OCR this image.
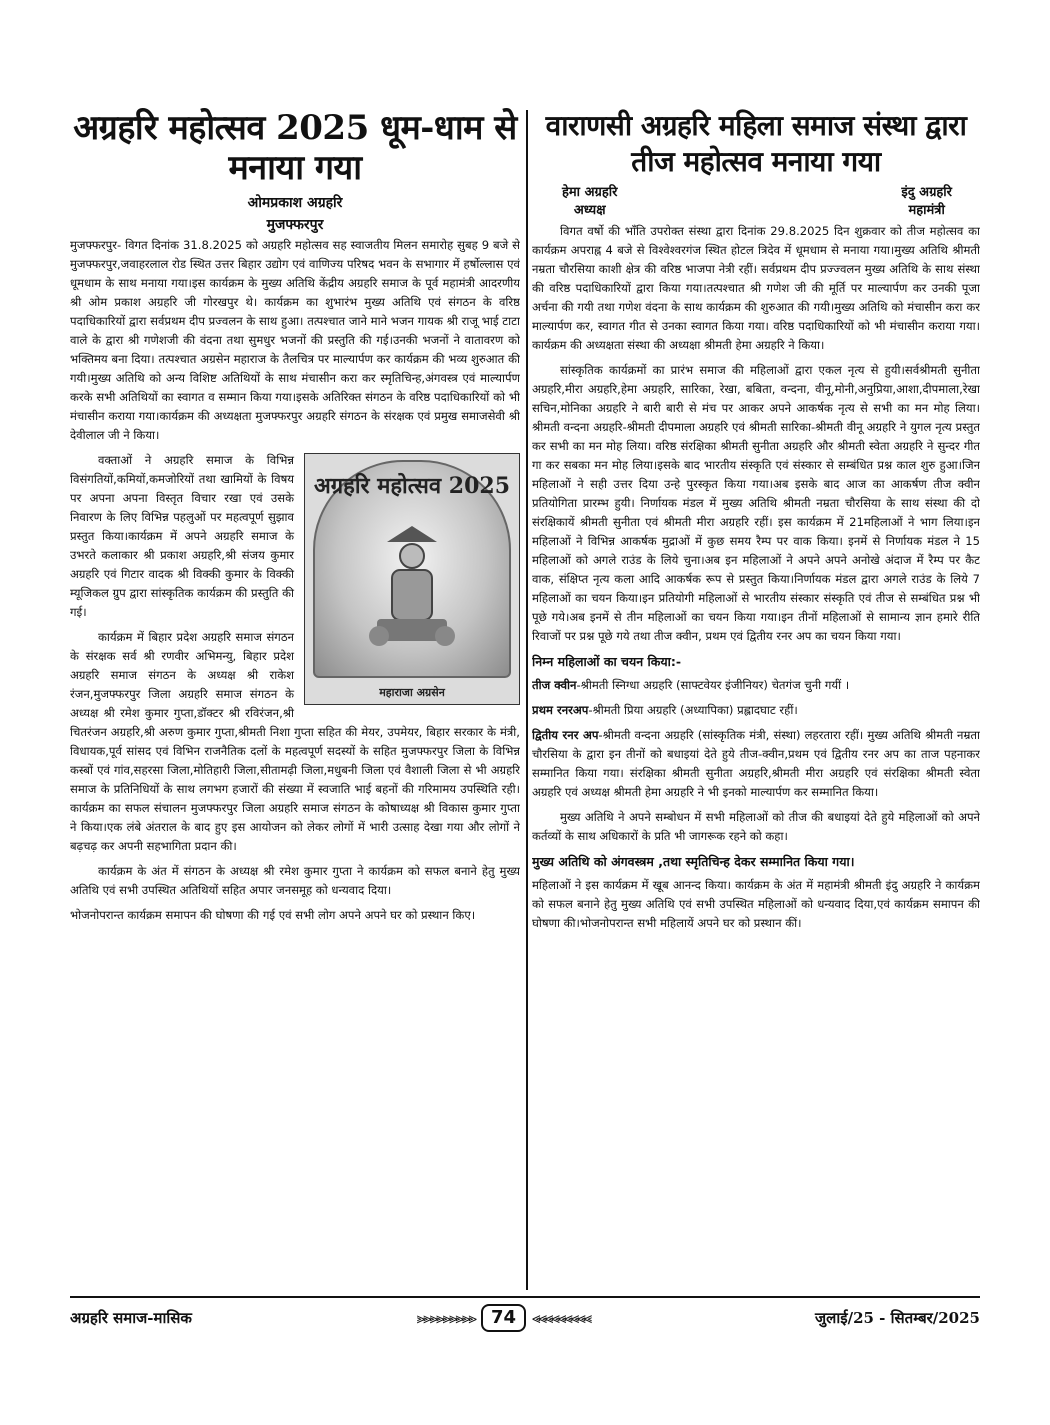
अग्रहरि महोत्सव 2025 धूम-धाम से मनाया गया
ओमप्रकाश अग्रहरि
मुजफ्फरपुर

मुजफ्फरपुर- विगत दिनांक 31.8.2025 को अग्रहरि महोत्सव सह स्वाजतीय मिलन समारोह सुबह 9 बजे से मुजफ्फरपुर,जवाहरलाल रोड स्थित उत्तर बिहार उद्योग एवं वाणिज्य परिषद भवन के सभागार में हर्षोल्लास एवं धूमधाम के साथ मनाया गया।इस कार्यक्रम के मुख्य अतिथि केंद्रीय अग्रहरि समाज के पूर्व महामंत्री आदरणीय श्री ओम प्रकाश अग्रहरि जी गोरखपुर थे। कार्यक्रम का शुभारंभ मुख्य अतिथि एवं संगठन के वरिष्ठ पदाधिकारियों द्वारा सर्वप्रथम दीप प्रज्वलन के साथ हुआ। तत्पश्चात जाने माने भजन गायक श्री राजू भाई टाटा वाले के द्वारा श्री गणेशजी की वंदना तथा सुमधुर भजनों की प्रस्तुति की गई।उनकी भजनों ने वातावरण को भक्तिमय बना दिया। तत्पश्चात अग्रसेन महाराज के तैलचित्र पर माल्यार्पण कर कार्यक्रम की भव्य शुरुआत की गयी।मुख्य अतिथि को अन्य विशिष्ट अतिथियों के साथ मंचासीन करा कर स्मृतिचिन्ह,अंगवस्त्र एवं माल्यार्पण करके सभी अतिथियों का स्वागत व सम्मान किया गया।इसके अतिरिक्त संगठन के वरिष्ठ पदाधिकारियों को भी मंचासीन कराया गया।कार्यक्रम की अध्यक्षता मुजफ्फरपुर अग्रहरि संगठन के संरक्षक एवं प्रमुख समाजसेवी श्री देवीलाल जी ने किया।

अग्रहरि महोत्सव 2025
महाराजा अग्रसेन

वक्ताओं ने अग्रहरि समाज के विभिन्न विसंगतियों,कमियों,कमजोरियों तथा खामियों के विषय पर अपना अपना विस्तृत विचार रखा एवं उसके निवारण के लिए विभिन्न पहलुओं पर महत्वपूर्ण सुझाव प्रस्तुत किया।कार्यक्रम में अपने अग्रहरि समाज के उभरते कलाकार श्री प्रकाश अग्रहरि,श्री संजय कुमार अग्रहरि एवं गिटार वादक श्री विक्की कुमार के विक्की म्यूजिकल ग्रुप द्वारा सांस्कृतिक कार्यक्रम की प्रस्तुति की गई।

कार्यक्रम में बिहार प्रदेश अग्रहरि समाज संगठन के संरक्षक सर्व श्री रणवीर अभिमन्यु, बिहार प्रदेश अग्रहरि समाज संगठन के अध्यक्ष श्री राकेश रंजन,मुजफ्फरपुर जिला अग्रहरि समाज संगठन के अध्यक्ष श्री रमेश कुमार गुप्ता,डॉक्टर श्री रविरंजन,श्री चितरंजन अग्रहरि,श्री अरुण कुमार गुप्ता,श्रीमती निशा गुप्ता सहित की मेयर, उपमेयर, बिहार सरकार के मंत्री, विधायक,पूर्व सांसद एवं विभिन राजनैतिक दलों के महत्वपूर्ण सदस्यों के सहित मुजफ्फरपुर जिला के विभिन्न कस्बों एवं गांव,सहरसा जिला,मोतिहारी जिला,सीतामढ़ी जिला,मधुबनी जिला एवं वैशाली जिला से भी अग्रहरि समाज के प्रतिनिधियों के साथ लगभग हजारों की संख्या में स्वजाति भाई बहनों की गरिमामय उपस्थिति रही। कार्यक्रम का सफल संचालन मुजफ्फरपुर जिला अग्रहरि समाज संगठन के कोषाध्यक्ष श्री विकास कुमार गुप्ता ने किया।एक लंबे अंतराल के बाद हुए इस आयोजन को लेकर लोगों में भारी उत्साह देखा गया और लोगों ने बढ़चढ़ कर अपनी सहभागिता प्रदान की।

कार्यक्रम के अंत में संगठन के अध्यक्ष श्री रमेश कुमार गुप्ता ने कार्यक्रम को सफल बनाने हेतु मुख्य अतिथि एवं सभी उपस्थित अतिथियों सहित अपार जनसमूह को धन्यवाद दिया।

भोजनोपरान्त कार्यक्रम समापन की घोषणा की गई एवं सभी लोग अपने अपने घर को प्रस्थान किए।

वाराणसी अग्रहरि महिला समाज संस्था द्वारा तीज महोत्सव मनाया गया
हेमा अग्रहरि
अध्यक्ष
इंदु अग्रहरि
महामंत्री

विगत वर्षो की भाँति उपरोक्त संस्था द्वारा दिनांक 29.8.2025 दिन शुक्रवार को तीज महोत्सव का कार्यक्रम अपराह्न 4 बजे से विश्वेश्वरगंज स्थित होटल त्रिदेव में धूमधाम से मनाया गया।मुख्य अतिथि श्रीमती नम्रता चौरसिया काशी क्षेत्र की वरिष्ठ भाजपा नेत्री रहीं। सर्वप्रथम दीप प्रज्ज्वलन मुख्य अतिथि के साथ संस्था की वरिष्ठ पदाधिकारियों द्वारा किया गया।तत्पश्चात श्री गणेश जी की मूर्ति पर माल्यार्पण कर उनकी पूजा अर्चना की गयी तथा गणेश वंदना के साथ कार्यक्रम की शुरुआत की गयी।मुख्य अतिथि को मंचासीन करा कर माल्यार्पण कर, स्वागत गीत से उनका स्वागत किया गया। वरिष्ठ पदाधिकारियों को भी मंचासीन कराया गया।कार्यक्रम की अध्यक्षता संस्था की अध्यक्षा श्रीमती हेमा अग्रहरि ने किया।

सांस्कृतिक कार्यक्रमों का प्रारंभ समाज की महिलाओं द्वारा एकल नृत्य से हुयी।सर्वश्रीमती सुनीता अग्रहरि,मीरा अग्रहरि,हेमा अग्रहरि, सारिका, रेखा, बबिता, वन्दना, वीनू,मोनी,अनुप्रिया,आशा,दीपमाला,रेखा सचिन,मोनिका अग्रहरि ने बारी बारी से मंच पर आकर अपने आकर्षक नृत्य से सभी का मन मोह लिया। श्रीमती वन्दना अग्रहरि-श्रीमती दीपमाला अग्रहरि एवं श्रीमती सारिका-श्रीमती वीनू अग्रहरि ने युगल नृत्य प्रस्तुत कर सभी का मन मोह लिया। वरिष्ठ संरक्षिका श्रीमती सुनीता अग्रहरि और श्रीमती स्वेता अग्रहरि ने सुन्दर गीत गा कर सबका मन मोह लिया।इसके बाद भारतीय संस्कृति एवं संस्कार से सम्बंधित प्रश्न काल शुरु हुआ।जिन महिलाओं ने सही उत्तर दिया उन्हे पुरस्कृत किया गया।अब इसके बाद आज का आकर्षण तीज क्वीन प्रतियोगिता प्रारम्भ हुयी। निर्णायक मंडल में मुख्य अतिथि श्रीमती नम्रता चौरसिया के साथ संस्था की दो संरक्षिकायें श्रीमती सुनीता एवं श्रीमती मीरा अग्रहरि रहीं। इस कार्यक्रम में 21महिलाओं ने भाग लिया।इन महिलाओं ने विभिन्न आकर्षक मुद्राओं में कुछ समय रैम्प पर वाक किया। इनमें से निर्णायक मंडल ने 15 महिलाओं को अगले राउंड के लिये चुना।अब इन महिलाओं ने अपने अपने अनोखे अंदाज में रैम्प पर कैट वाक, संक्षिप्त नृत्य कला आदि आकर्षक रूप से प्रस्तुत किया।निर्णायक मंडल द्वारा अगले राउंड के लिये 7 महिलाओं का चयन किया।इन प्रतियोगी महिलाओं से भारतीय संस्कार संस्कृति एवं तीज से सम्बंधित प्रश्न भी पूछे गये।अब इनमें से तीन महिलाओं का चयन किया गया।इन तीनों महिलाओं से सामान्य ज्ञान हमारे रीति रिवाजों पर प्रश्न पूछे गये तथा तीज क्वीन, प्रथम एवं द्वितीय रनर अप का चयन किया गया।

निम्न महिलाओं का चयन किया:-

तीज क्वीन-श्रीमती स्निग्धा अग्रहरि (साफ्टवेयर इंजीनियर) चेतगंज चुनी गयीं ।

प्रथम रनरअप-श्रीमती प्रिया अग्रहरि (अध्यापिका) प्रह्लादघाट रहीं।

द्वितीय रनर अप-श्रीमती वन्दना अग्रहरि (सांस्कृतिक मंत्री, संस्था) लहरतारा रहीं। मुख्य अतिथि श्रीमती नम्रता चौरसिया के द्वारा इन तीनों को बधाइयां देते हुये तीज-क्वीन,प्रथम एवं द्वितीय रनर अप का ताज पहनाकर सम्मानित किया गया। संरक्षिका श्रीमती सुनीता अग्रहरि,श्रीमती मीरा अग्रहरि एवं संरक्षिका श्रीमती स्वेता अग्रहरि एवं अध्यक्ष श्रीमती हेमा अग्रहरि ने भी इनको माल्यार्पण कर सम्मानित किया।

मुख्य अतिथि ने अपने सम्बोधन में सभी महिलाओं को तीज की बधाइयां देते हुये महिलाओं को अपने कर्तव्यों के साथ अधिकारों के प्रति भी जागरूक रहने को कहा।

मुख्य अतिथि को अंगवस्त्रम ,तथा स्मृतिचिन्ह देकर सम्मानित किया गया।

महिलाओं ने इस कार्यक्रम में खूब आनन्द किया। कार्यक्रम के अंत में महामंत्री श्रीमती इंदु अग्रहरि ने कार्यक्रम को सफल बनाने हेतु मुख्य अतिथि एवं सभी उपस्थित महिलाओं को धन्यवाद दिया,एवं कार्यक्रम समापन की घोषणा की।भोजनोपरान्त सभी महिलायें अपने घर को प्रस्थान कीं।

अग्रहरि समाज-मासिक	⪢⪢⪢⪢⪢⪢⪢⪢⪢ 74	⪡⪡⪡⪡⪡⪡⪡⪡⪡	जुलाई/25 - सितम्बर/2025
